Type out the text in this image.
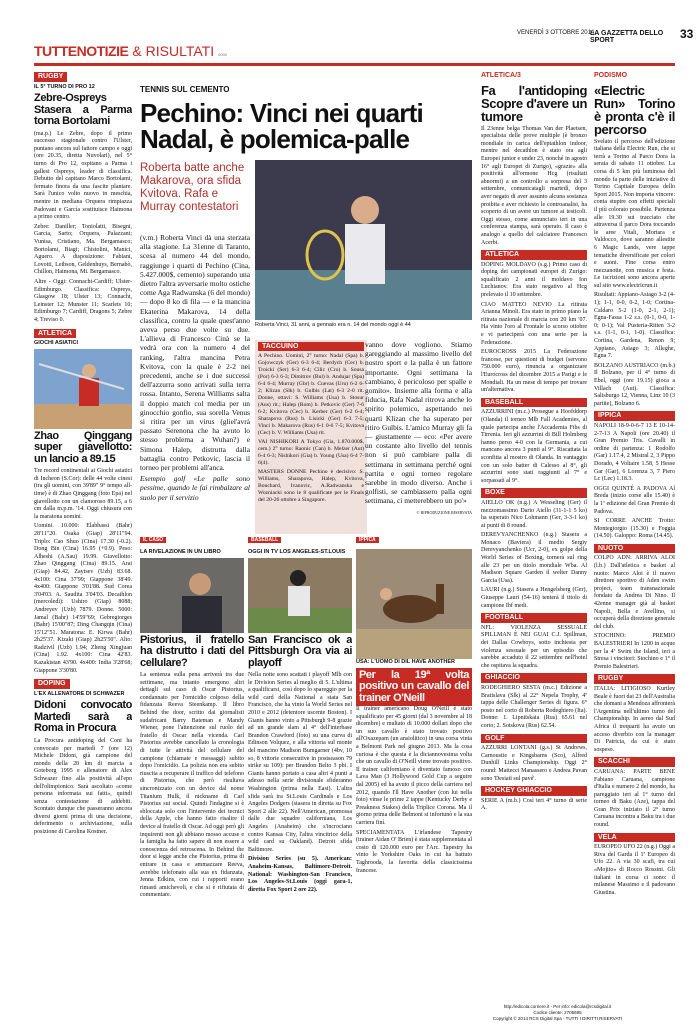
VENERDÌ 3 OTTOBRE 2014
LA GAZZETTA DELLO SPORT	33
TUTTENOTIZIE & RISULTATI 0000
RUGBY
IL 5° TURNO DI PRO 12
Zebre-Ospreys Stasera a Parma torna Bortolami

(ma.p.) Le Zebre, dopo il primo successo stagionale contro l'Ulster, puntano ancora sul fattore campo e oggi (ore 20.35, diretta Nuvolari), nel 5° turno di Pro 12, ospitano a Parma i gallesi Ospreys, leader di classifica. Debutto del capitano Marco Bortolami, fermato finora da una fascite plantare. Sarà l'unico volto nuovo in meschia, mentre in mediana Orquera rimpiazza Padovani e García sostituisce Haimona a primo centro.

Zebre: Daniller; Toniolatti, Bisegni, Garcia, Sarto; Orquera, Palazzani; Vunisa, Cristiano, Ma. Bergamasco; Bortolami, Biagi; Chistolini, Manici, Aguero. A disposizione: Fabiani, Lovotti, Leibson, Geldenhuys, Bernabò, Chillon, Haimona, Mi. Bergamasco.

Altre - Oggi: Connacht-Cardiff; Ulster-Edimburgo. Classifica: Ospreys, Glasgow 18; Ulster 13; Connacht, Leinster 12; Munster 11; Scarlets 10; Edimburgo 7; Cardiff, Dragons 5; Zebre 4; Treviso 0.

ATLETICA
GIOCHI ASIATICI
Zhao Qinggang super giavellotto: un lancio a 89.15

Tre record continentali ai Giochi asiatici di Incheon (S.Cor): delle 44 volte cinesi (tra gli uomini, con 39'89" 9° tempo all-time) è di Zhao Qinggang (foto Epa) nel giavellotto con un clamoroso 89.15, a 6 cm dalla m.p.m. '14. Oggi chiusura con la maratona uomini.

Uomini. 10.000: Elabbassi (Bahr) 28'11"20. Osaka (Giap) 28'11"94. Triplo: Cao Shuo (Cina) 17.30 (-0.2). Dong Bin (Cina) 16.95 (+0.9). Peso: Alheshi (A.Sau) 19.99. Giavellotto: Zhao Qinggang (Cina) 89.15. Arai (Giap) 84.42, Zaytsev (Uzb) 83.68. 4x100: Cina 37'99; Giappone 38'49. 4x400: Giappone 3'01'88. Sud Corea 3'04'03. A. Saudita 3'04'03. Decathlon (mercoledì): Ushiro (Giap) 8088; Andreyev (Uzb) 7879. Donne. 5000: Jamal (Bahr) 14'59"69; Gebregiorges (Bahr) 15'00"87; Ding Changqin (Cina) 15'12"51. Maratona: E. Kirwa (Bahr) 2h25'37. Kizaki (Giap) 2h25'50". Alto: Radzivil (Uzb) 1.94; Zheng Xingjuan (Cina) 1.92. 4x100: Cina 42'83. Kazakistan 43'90. 4x400: India 3'28'68; Giappone 3'30'80.

DOPING
L'EX ALLENATORE DI SCHWAZER
Didoni convocato Martedì sarà a Roma in Procura

La Procura antidoping del Coni ha convocato per martedì 7 (ore 12) Michele Didoni, già campione del mondo della 20 km di marcia a Goteborg 1995 e allenatore di Alex Schwazer fino alla positività all'epo dell'olimpionico. Sarà ascoltato «come persona informata sui fatti», quindi senza contestazione di addebiti. Scontato dunque che passeranno ancora diversi giorni prima di una decisione, deferimento o archiviazione, sulla posizione di Carolina Kostner.

TENNIS SUL CEMENTO
Pechino: Vinci nei quarti Nadal, è polemica-palle
Roberta batte anche Makarova, ora sfida Kvitova. Rafa e Murray contestatori
Roberta Vinci, 31 anni, a gennaio era n. 14 del mondo oggi è 44

(v.m.) Roberta Vinci dà una sterzata alla stagione. La 31enne di Taranto, scesa al numero 44 del mondo, raggiunge i quarti di Pechino (Cina, 5.427.000$, cemento) superando una dietro l'altra avversarie molto ostiche come Aga Radwanska (6 del mondo) — dopo 8 ko di fila — e la mancina Ekaterina Makarova, 14 della classifica, contro la quale quest'anno aveva perso due volte su due. L'allieva di Francesco Cinà se la vedrà ora con la numero 4 del ranking, l'altra mancina Petra Kvitova, con la quale è 2-2 nei precedenti, anche se i due successi dell'azzurra sono arrivati sulla terra rossa. Intanto, Serena Williams salta il doppio match col media per un ginocchio gonfio, sua sorella Venus si ritira per un virus (gliel'avrà passato Serenona che ha avuto lo stesso problema a Wuhan?) e Simona Halep, distrutta dalla battaglia contro Petkovic, lascia il torneo per problemi all'anca.

Esempio golf «Le palle sono pessime, quando le fai rimbalzare al suolo per il servizio

TACCUINO

A Pechino. Uomini, 2° turno: Nadal (Spa) b. Gojowczyk (Ger) 6-3 6-4; Berdych (Cec) b. Troicki (Ser) 6-3 6-4; Cilic (Cro) b. Sousa (Por) 6-3 6-3; Dimitrov (Bul) b. Andujar (Spa) 6-4 6-4; Murray (Gbr) b. Cuevas (Uru) 6-2 6-2; Klizan (Slk) b. Gulbis (Lat) 6-3 2-0 rit. Donne, ottavi: S. Williams (Usa) b. Stosur (Aus) rit.; Halep (Rom) b. Petkovic (Ger) 7-6 6-2; Kvitova (Cec) b. Kerber (Ger) 6-2 6-4; Sharapova (Rus) b. Lisicki (Ger) 6-3 7-5; Vinci b. Makarova (Rus) 6-1 0-6 7-5; Kvitova (Cec) b. V. Williams (Usa) rit.

VAI NISHIKORI A Tokyo (Gia, 1.870.000$, cem.) 2° turno: Raonic (Can) b. Melzer (Aut) 6-4 6-3; Nishikori (Gia) b. Young (Usa) 6-4 7-6(4).

MASTERS DONNE Pechino è decisivo: S. Williams, Sharapova, Halep, Kvitova, Bouchard, Ivanovic, A.Radwanska e Wozniacki sono le 8 qualificate per le Finals del 20-26 ottobre a Singapore.

vanno dove vogliono. Stiamo gareggiando al massimo livello del nostro sport e la palla è un fattore importante. Ogni settimana la cambiano, è pericoloso per spalle e gomito». Insieme alla forma e alla fiducia, Rafa Nadal ritrova anche lo spirito polemico, aspettando nei quarti Klizan che ha superato per ritiro Gulbis. L'amico Murray gli fa — giustamente — eco: «Per avere un costante alto livello del tennis non si può cambiare palla di settimana in settimana perché ogni partita e ogni torneo regolare sarebbe in modo diverso. Anche i golfisti, se cambiassero palla ogni settimana, ci metterebbero un po'»

© RIPRODUZIONE RISERVATA

IL CASO	BASEBALL	IPPICA
LA RIVELAZIONE IN UN LIBRO
Pistorius, il fratello ha distrutto i dati del cellulare?

La sentenza sulla pena arriverà tra due settimane, ma intanto emergono altri dettagli sul caso di Oscar Pistorius, condannato per l'omicidio colposo della fidanzata Reeva Steenkamp. Il libro Behind the door, scritto dai giornalisti sudafricani Barry Bateman e Mandy Wiener, pone l'attenzione sul ruolo del fratello di Oscar nella vicenda. Carl Pistorius avrebbe cancellato la cronologia di tutte le attività del cellulare del campione (chiamate e messaggi) subito dopo l'omicidio. La polizia non era subito riuscita a recuperare il traffico del telefono di Pistorius, che però risultava sincronizzato con un device dal nome Titanium Hulk, il nickname di Carl Pistorius sui social. Quindi l'indagine si è sbloccata solo con l'intervento dei tecnici della Apple, che hanno fatto risalire il device al fratello di Oscar. Ad oggi però gli inquirenti non gli abbiano mosso accuse e la famiglia ha fatto sapere di non essere a conoscenza del retroscena. In Behind the door si legge anche che Pistorius, prima di entrare in casa e ammazzare Reeva, avrebbe telefonato alla sua ex fidanzata, Jenna Edkins, con cui i rapporti erano rimasti amichevoli, e che si è rifiutata di commentare.

OGGI IN TV LOS ANGELES-ST.LOUIS
San Francisco ok a Pittsburgh Ora via ai playoff

Nella notte sono scattati i playoff Mlb con le Division Series al meglio di 5. L'ultima a qualificarsi, così dopo lo spareggio per la wild card della National a stata San Francisco, che ha vinto la World Series nel 2010 e 2012 (detentore uscente Boston). I Giants hanno vinto a Pittsburgh 9-8 grazie ad un grande slam al 4° dell'interbase Brandon Crawford (foto) su una curva di Edinson Volquez, e alla vittoria sul monte del mancino Madison Bumgarner (4bv, 10 so, 8 vittorie consecutive in postseason 79 strike su 109): per Brandon Belto 3 pbi. I Giants hanno portato a casa altri 4 punti a adesso nella serie divisionale sfideranno Washington (prima nella East). L'altra sfida sarà tra St.Louis Cardinals e Los Angeles Dodgers (stasera in diretta su Fox Sport 2 alle 22). Nell'American, promossa dalle due squadre californiana, Los Angeles (Anaheim) che s'incrociano contro Kansas City, l'altra vincitrice della wild card su Oakland). Detroit sfida Baltimore.

Division Series (su 5). American: Anaheim-Kansas, Baltimore-Detroit. National: Washington-San Francisco, Los Angeles-St.Louis (oggi gara-1, diretta Fox Sport 2 ore 22).

USA: L'UOMO DI DIL HAVE ANOTHER
Per la 19ª volta positivo un cavallo del trainer O'Neill

Il trainer americano Doug O'Neill è stato squalificato per 45 giorni (dal 3 novembre al 18 dicembre) e multato di 10.000 dollari dopo che un suo cavallo è stato trovato positivo all'Oxazepam (un ansiolitico) in una corsa vinta a Belmont Park nel giugno 2013. Ma la cosa curiosa è che questa è la diciannovesima volta che un cavallo di O'Neill viene trovato positivo. Il trainer californiano è diventato famoso con Lava Man (3 Hollywood Gold Cup a seguire dal 2005) ed ha avuto il picco della carriera nel 2012, quando I'll Have Another (con lui nella foto) vinse le prime 2 tappe (Kentucky Derby e Preakness Stakes) della Triplice Corona. Ma il giorno prima delle Belmont si infortunò e la sua carriera finì.

SPECIAMENTATA L'irlandese Tapestry (trainer Aidan O' Brien) è stata supplementata al costo di 120.000 euro per l'Arc. Tapestry ha vinto le Yorkshire Oaks in cui ha battuto Taghrooda, la favorita della classicissima francese.

ATLETICA/3
Fa l'antidoping Scopre d'avere un tumore

Il 23enne belga Thomas Van der Plaetsen, specialista delle prove multiple (è bronzo mondiale in carica dell'eptathlon indoor, mentre nel decathlon è stato ora agli Europei junior e under 23, nonché in agosto 16° agli Europei di Zurigo), «grazie» alla positività all'ormone Hcg (risultati abnormi) a un controllo a sorpresa del 3 settembre, comunicatagli martedì, dopo aver negato di aver assunto alcuna sostanza proibita e aver richiesto le controanalisi, ha scoperto di un avere un tumore ai testicoli. Oggi stesso, come annunciato ieri in una conferenza stampa, sarà operato. Il caso è analogo a quello del calciatore Francesco Acerbi.

ATLETICA

DOPING MOLDAVO (s.g.) Primo caso di doping dei campionati europei di Zurigo: squalificato 2 anni il moldavo Ion Luchianov. Era stato negativo al Hcg prelevato il 10 settembre.

CIAO MATTEO NEVIO La ritirata Arianna Minoli. Era stato in primo piano la ritirata nazionale di marcia con 20 km '07. Ha vinto l'oro al Frontale lo scorso ottobre e vi parteciperà con una serie per la Federazione.

EUROCROSS 2015 La Federazione francese, per questioni di budget (servono 750.000 euro), rinuncia a organizzare l'Eurocross del dicembre 2015 a Parigi e le Mondiali. Ha un mese di tempo per trovare un'alternativa.

BASEBALL

AZZURRINI (m.c.) Prosegue a Hoofddorp (Olanda) il torneo Mlb Fall Academies, al quale partecipa anche l'Accademia Fibs di Tirrenia. Ieri gli azzurrini di Bill Holmberg hanno perso 4-0 con la Germania, a cui mancano ancora 3 punti al 9°. Riscattata la sconfitta al mostro di Olanda. In vantaggio con un solo batter di Calesso al 8°, gli azzurrini sono stati raggiunti al 7° e sorpassati al 9°.

BOXE

AIELLO OK (n.g.) A Wesseling (Ger) il mezzomassimo Dario Aiello (31-1-1 5 ko) ha superato Nico Lohmann (Ger, 3-3-1 ko) ai punti di 8 round.

DEREVYANCHENKO (n.g.) Stasera a Monaco (Baviera) il medio Sergiy Derevyanchenko (Ucr, 2-0), ex golpe della World Series of Boxing, tornerà sul ring alle 23 per un titolo mondiale Wba. Al Madison Square Garden il welter Danny Garcia (Usa).

LAURI (n.g.) Stasera a Hengelsberg (Ger), Giuseppe Lauri (54-16) tenterà il titolo di campione Ibf medi.

FOOTBALL

NFL: VIOLENZA SESSUALE SPILLMAN È NEI GUAI C.J. Spillman, dei Dallas Cowboys, sotto inchiesta per violenza sessuale per un episodio che sarebbe accaduto il 22 settembre nell'hotel che ospitava la squadra.

GHIACCIO

RODEGHIERO SESTA (m.c.) Edizione a Bratislava (Slk) al 22° Nepela Trophy, 4ª tappa delle Challenger Series di figura. 6° posto nel corto di Roberta Rodeghiero (Ita). Donne: 1. Lipnitskaia (Rus) 65.61 nel corto; 2. Sotskova (Rus) 62.54.

GOLF

AZZURRI LONTANI (g.s.) St Andrews, Carnoustie e Kingsbarns (Sco), Alfred Dunhill Links Championship. Oggi 2° round: Mattecci Manassero e Andrea Pavan sono 'Desiati sul pavé'.

HOCKEY GHIACCIO

SERIE A (m.b.) Così ieri 4° turno di serie A.

PODISMO
«Electric Run» Torino è pronta c'è il percorso

Svelato il percorso dell'edizione italiana della Electric Run, che si terrà a Torino al Parco Dora la serata di sabato 11 ottobre. La corsa di 5 km più luminosa del mondo fa parte delle iniziative di Torino Capitale Europea dello Sport 2015. Non importa vincere: conta stupire con effetti speciali il più colorato possibile. Partenza alle 19.30 sui tracciato che attraversa il parco Dora toccando le aree Vitali, Mortara e Valdocco, dove saranno allestite 6 Magic Lands, vere tappe tematiche diversificate per colori e suoni. Fine corsa entro mezzanotte, con musica e festa. Le iscrizioni sono ancora aperte sul sito www.electricrun.it

Risultati: Appiano-Asiago 3-2 (4-1); 1-1, 0-0, 0-2, 1-0; Cortina-Caldaro 5-2 (1-0, 2-1, 2-1); Egna-Fassa 1-2 s.s. (0-1, 0-0, 1-0; 0-1); Val Pusteria-Ritten 3-2 s.s. (1-1, 0-1, 1-0). Classifica: Cortina, Gardena, Renon 9; Appiano, Asiago 3; Alleghe, Egna 7.

BOLZANO AUSTRIACO (m.b.) Il Bolzano, per il 4° turno di Ebel, oggi (ore 19.15) gioca a Villach (Aut). Classifica: Salisburgo 12, Vienna, Linz 10 (3 partite), Bolzano 6.

IPPICA

NAPOLI 18-9-0-6-7 13 E 10-14-2-7-13 A Napoli (ore 20.40) il Gran Premio Tris. Cavalli in ordine di partenza: 1 Rodolfo (Gar) 1.17.4, 2 Mistral 2, 3 Pippo Dorado, 4 Voltaire 1.58, 5 Hesse Gar (Gar), 6 Lorenza 3, 7 Piero Lc (Lec) 1.18.3.

OGGI QUINTÉ A PADOVA Al Breda (inizio corse alle 15.40) è la 1ª edizione del Gran Premio di Padova.

SI CORRE ANCHE Trotto: Montegiorgio (15.30) e Foggia (14.50). Galoppo: Roma (14.45).

NUOTO

COLPO ADN: ARRIVA ALOI (l.b.) Dall'atletica e basket al nuoto: Marco Aloi è il nuovo direttore sportivo di Aden swim project, team transnazionale fondato da Andrea Di Nino. Il 42enne manager già al basket Napoli, Bella e Avellino, si occuperà della direzione generale del club.

STOCHINO: PREMIO BALESTRIERI In 1200 in acque per la 4ª Swim the Island, ieri a Stresa i vincitori: Stochino e 1° il Premio Balestrieri.

RUGBY

ITALIA: LITIGIOSO Kurtley Beale è fuori dai 23 dell'Australia che domani a Mendoza affronterà l'Argentina nell'ultimo turno del Championship. In aereo dal Sud Africa il trequarti ha avuto un acceso diverbio con la manager Di Patricia, da cui è stato sospeso.

SCACCHI

CARUANA: PARTE BENE Fabiano Caruana, campione d'Italia e numero 2 del mondo, ha pareggiato ieri al 1° turno del torneo di Baku (Aze), tappa del Gran Prix iniziato il 2° turno Caruana incontra a Baku tra i due round.

VELA

EUROPEO UFO 22 (n.g.) Oggi a Riva del Garda il 1ª Europeo di Ufo 22. A via 30 scafi, tra cui «Mojito» di Rocco Rossini. Gli italiani in corsa ci sono: il milanese Massimo e il padovano Giustina.

http://edicola.corriere.it - Per info: edicola@rcsdigital.it
Codice cliente: 2705695
Copyright © 2014 RCS Digital Spa - TUTTI I DIRITTI RISERVATI
